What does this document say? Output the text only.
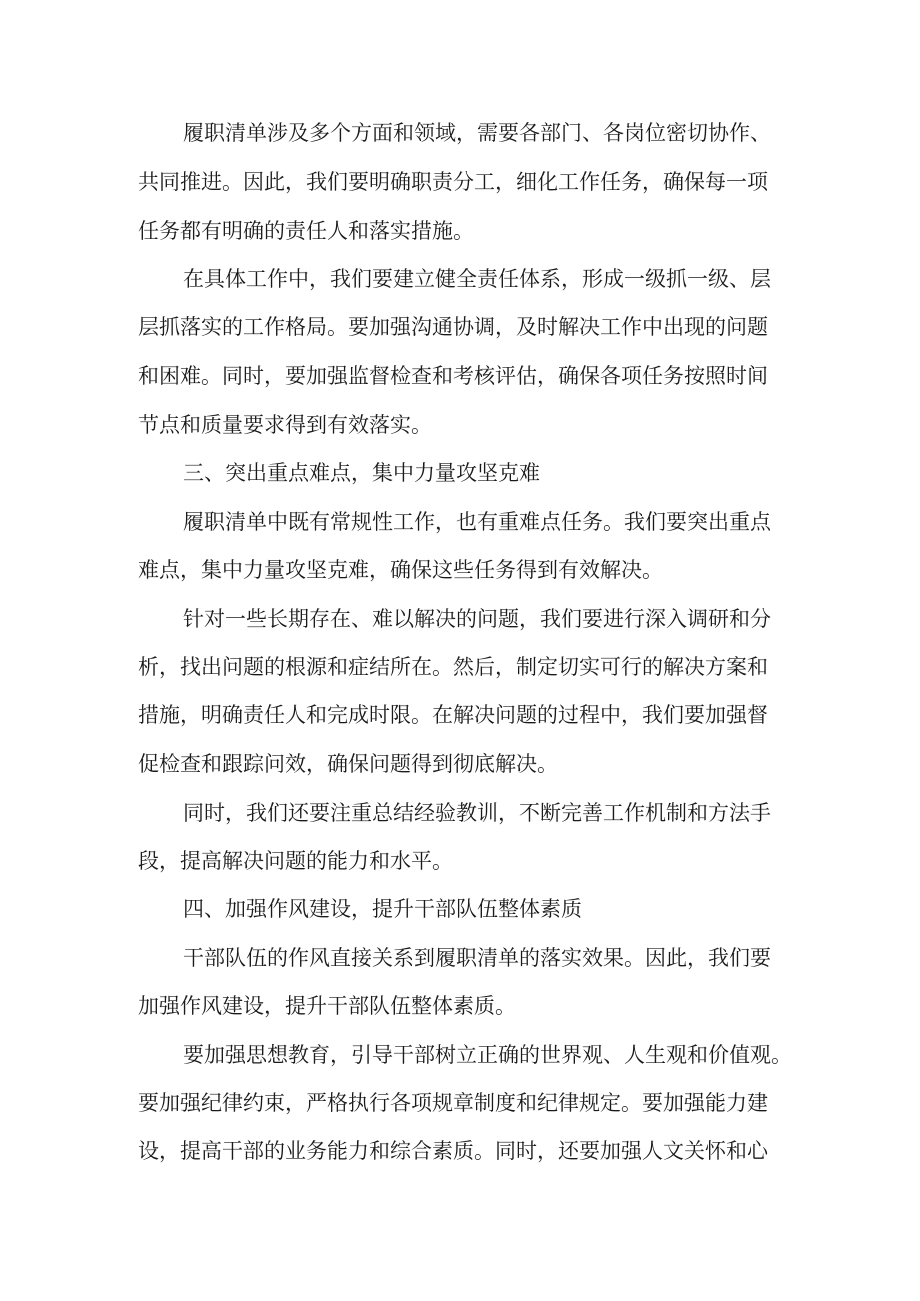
履职清单涉及多个方面和领域，需要各部门、各岗位密切协作、
共同推进。因此，我们要明确职责分工，细化工作任务，确保每一项
任务都有明确的责任人和落实措施。
在具体工作中，我们要建立健全责任体系，形成一级抓一级、层
层抓落实的工作格局。要加强沟通协调，及时解决工作中出现的问题
和困难。同时，要加强监督检查和考核评估，确保各项任务按照时间
节点和质量要求得到有效落实。
三、突出重点难点，集中力量攻坚克难
履职清单中既有常规性工作，也有重难点任务。我们要突出重点
难点，集中力量攻坚克难，确保这些任务得到有效解决。
针对一些长期存在、难以解决的问题，我们要进行深入调研和分
析，找出问题的根源和症结所在。然后，制定切实可行的解决方案和
措施，明确责任人和完成时限。在解决问题的过程中，我们要加强督
促检查和跟踪问效，确保问题得到彻底解决。
同时，我们还要注重总结经验教训，不断完善工作机制和方法手
段，提高解决问题的能力和水平。
四、加强作风建设，提升干部队伍整体素质
干部队伍的作风直接关系到履职清单的落实效果。因此，我们要
加强作风建设，提升干部队伍整体素质。
要加强思想教育，引导干部树立正确的世界观、人生观和价值观。
要加强纪律约束，严格执行各项规章制度和纪律规定。要加强能力建
设，提高干部的业务能力和综合素质。同时，还要加强人文关怀和心
